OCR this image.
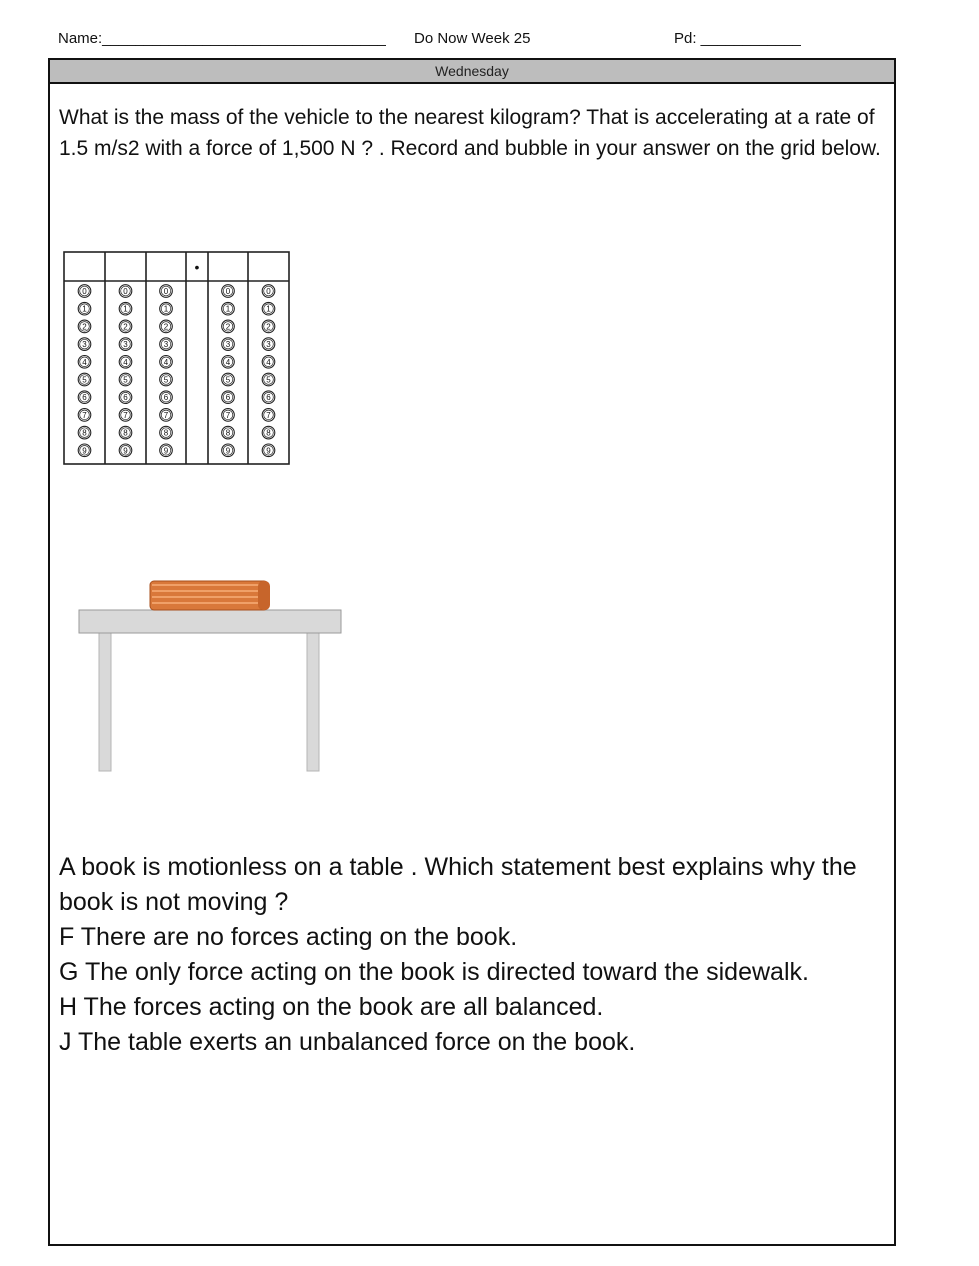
Name:__________________________________ Do Now Week 25	Pd: ____________
Wednesday

What is the mass of the vehicle to the nearest kilogram? That is accelerating at a rate of 1.5 m/s2 with a force of 1,500 N ? . Record and bubble in your answer on the grid below.

0
1
2
3
4
5
6
7
8
9
0
1
2
3
4
5
6
7
8
9
0
1
2
3
4
5
6
7
8
9
0
1
2
3
4
5
6
7
8
9
0
1
2
3
4
5
6
7
8
9
•

A book is motionless on a table . Which statement best explains why the book is not moving ?

F There are no forces acting on the book.

G The only force acting on the book is directed toward the sidewalk.

H The forces acting on the book are all balanced.

J The table exerts an unbalanced force on the book.
